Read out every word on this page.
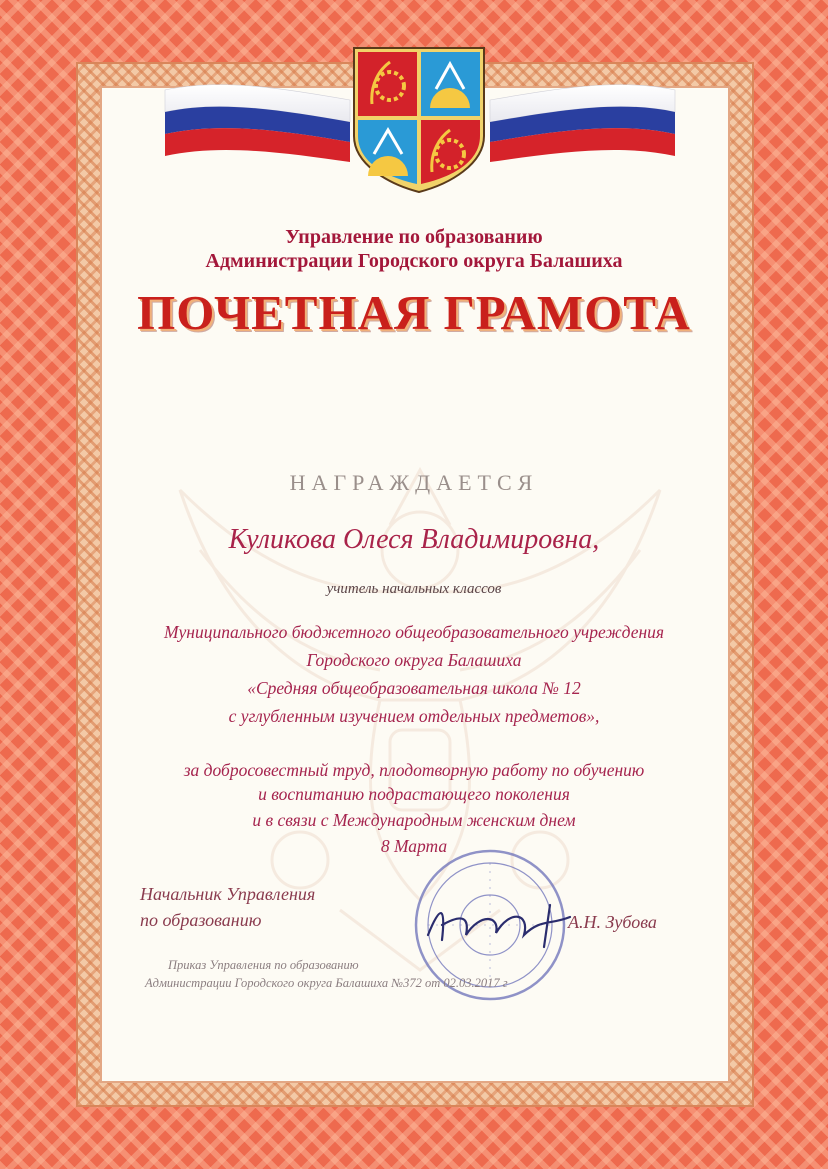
Управление по образованию

Администрации Городского округа Балашиха

ПОЧЕТНАЯ ГРАМОТА

НАГРАЖДАЕТСЯ

Куликова Олеся Владимировна,

учитель начальных классов

Муниципального бюджетного общеобразовательного учреждения

Городского округа Балашиха

«Средняя общеобразовательная школа № 12

с углубленным изучением отдельных предметов»,

за добросовестный труд, плодотворную работу по обучению

и воспитанию подрастающего поколения

и в связи с Международным женским днем

8 Марта

Начальник Управления

по образованию	А.Н. Зубова

Приказ Управления по образованию

Администрации Городского округа Балашиха №372 от 02.03.2017 г
